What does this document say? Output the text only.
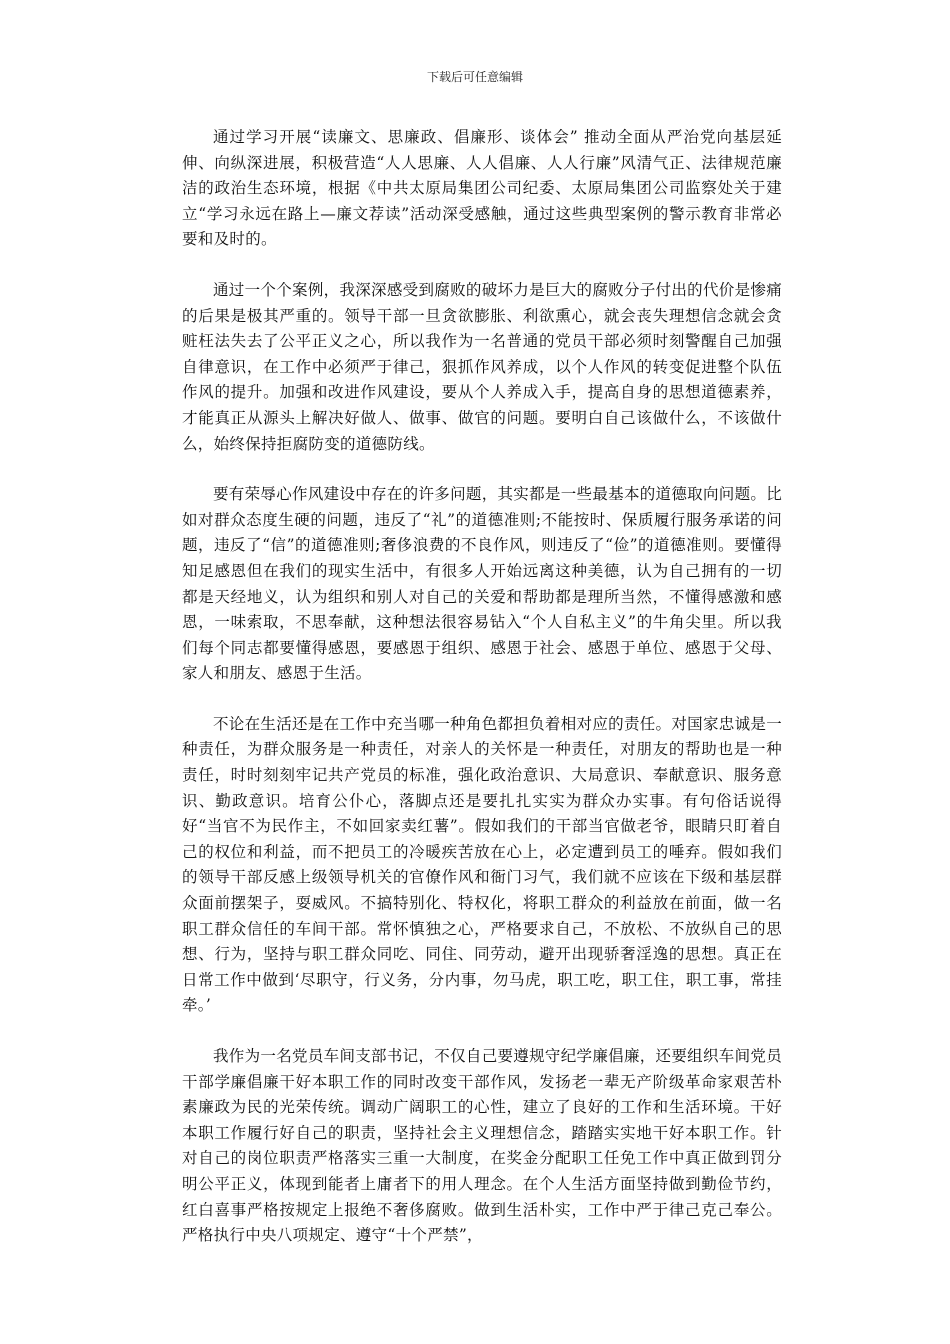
下载后可任意编辑

通过学习开展“读廉文、思廉政、倡廉形、谈体会” 推动全面从严治党向基层延伸、向纵深进展，积极营造“人人思廉、人人倡廉、人人行廉”风清气正、法律规范廉洁的政治生态环境，根据《中共太原局集团公司纪委、太原局集团公司监察处关于建立“学习永远在路上—廉文荐读”活动深受感触，通过这些典型案例的警示教育非常必要和及时的。

通过一个个案例，我深深感受到腐败的破坏力是巨大的腐败分子付出的代价是惨痛的后果是极其严重的。领导干部一旦贪欲膨胀、利欲熏心，就会丧失理想信念就会贪赃枉法失去了公平正义之心，所以我作为一名普通的党员干部必须时刻警醒自己加强自律意识，在工作中必须严于律己，狠抓作风养成，以个人作风的转变促进整个队伍作风的提升。加强和改进作风建设，要从个人养成入手，提高自身的思想道德素养，才能真正从源头上解决好做人、做事、做官的问题。要明白自己该做什么，不该做什么，始终保持拒腐防变的道德防线。

要有荣辱心作风建设中存在的许多问题，其实都是一些最基本的道德取向问题。比如对群众态度生硬的问题，违反了“礼”的道德准则;不能按时、保质履行服务承诺的问题，违反了“信”的道德准则;奢侈浪费的不良作风，则违反了“俭”的道德准则。要懂得知足感恩但在我们的现实生活中，有很多人开始远离这种美德，认为自己拥有的一切都是天经地义，认为组织和别人对自己的关爱和帮助都是理所当然，不懂得感激和感恩，一味索取，不思奉献，这种想法很容易钻入“个人自私主义”的牛角尖里。所以我们每个同志都要懂得感恩，要感恩于组织、感恩于社会、感恩于单位、感恩于父母、家人和朋友、感恩于生活。

不论在生活还是在工作中充当哪一种角色都担负着相对应的责任。对国家忠诚是一种责任，为群众服务是一种责任，对亲人的关怀是一种责任，对朋友的帮助也是一种责任，时时刻刻牢记共产党员的标准，强化政治意识、大局意识、奉献意识、服务意识、勤政意识。培育公仆心，落脚点还是要扎扎实实为群众办实事。有句俗话说得好“当官不为民作主，不如回家卖红薯”。假如我们的干部当官做老爷，眼睛只盯着自己的权位和利益，而不把员工的冷暖疾苦放在心上，必定遭到员工的唾弃。假如我们的领导干部反感上级领导机关的官僚作风和衙门习气，我们就不应该在下级和基层群众面前摆架子，耍威风。不搞特别化、特权化，将职工群众的利益放在前面，做一名职工群众信任的车间干部。常怀慎独之心，严格要求自己，不放松、不放纵自己的思想、行为，坚持与职工群众同吃、同住、同劳动，避开出现骄奢淫逸的思想。真正在日常工作中做到‘尽职守，行义务，分内事，勿马虎，职工吃，职工住，职工事，常挂牵。’

我作为一名党员车间支部书记，不仅自己要遵规守纪学廉倡廉，还要组织车间党员干部学廉倡廉干好本职工作的同时改变干部作风，发扬老一辈无产阶级革命家艰苦朴素廉政为民的光荣传统。调动广阔职工的心性，建立了良好的工作和生活环境。干好本职工作履行好自己的职责，坚持社会主义理想信念，踏踏实实地干好本职工作。针对自己的岗位职责严格落实三重一大制度，在奖金分配职工任免工作中真正做到罚分明公平正义，体现到能者上庸者下的用人理念。在个人生活方面坚持做到勤俭节约，红白喜事严格按规定上报绝不奢侈腐败。做到生活朴实，工作中严于律己克己奉公。严格执行中央八项规定、遵守“十个严禁”，
